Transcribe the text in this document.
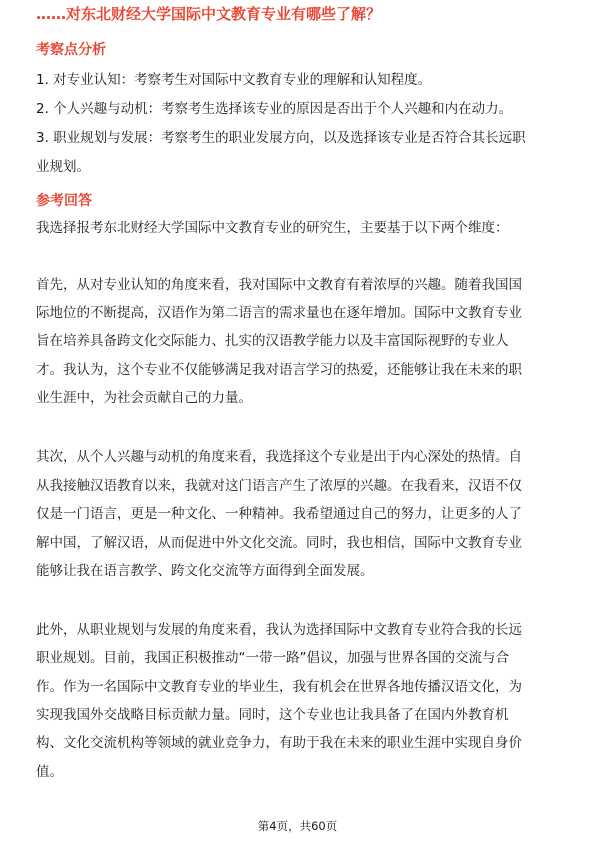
……对东北财经大学国际中文教育专业有哪些了解？
考察点分析
1. 对专业认知：考察考生对国际中文教育专业的理解和认知程度。
2. 个人兴趣与动机：考察考生选择该专业的原因是否出于个人兴趣和内在动力。
3. 职业规划与发展：考察考生的职业发展方向，以及选择该专业是否符合其长远职
业规划。
参考回答
我选择报考东北财经大学国际中文教育专业的研究生，主要基于以下两个维度：
首先，从对专业认知的角度来看，我对国际中文教育有着浓厚的兴趣。随着我国国
际地位的不断提高，汉语作为第二语言的需求量也在逐年增加。国际中文教育专业
旨在培养具备跨文化交际能力、扎实的汉语教学能力以及丰富国际视野的专业人
才。我认为，这个专业不仅能够满足我对语言学习的热爱，还能够让我在未来的职
业生涯中，为社会贡献自己的力量。
其次，从个人兴趣与动机的角度来看，我选择这个专业是出于内心深处的热情。自
从我接触汉语教育以来，我就对这门语言产生了浓厚的兴趣。在我看来，汉语不仅
仅是一门语言，更是一种文化、一种精神。我希望通过自己的努力，让更多的人了
解中国，了解汉语，从而促进中外文化交流。同时，我也相信，国际中文教育专业
能够让我在语言教学、跨文化交流等方面得到全面发展。
此外，从职业规划与发展的角度来看，我认为选择国际中文教育专业符合我的长远
职业规划。目前，我国正积极推动“一带一路”倡议，加强与世界各国的交流与合
作。作为一名国际中文教育专业的毕业生，我有机会在世界各地传播汉语文化，为
实现我国外交战略目标贡献力量。同时，这个专业也让我具备了在国内外教育机
构、文化交流机构等领域的就业竞争力，有助于我在未来的职业生涯中实现自身价
值。
第4页，共60页
